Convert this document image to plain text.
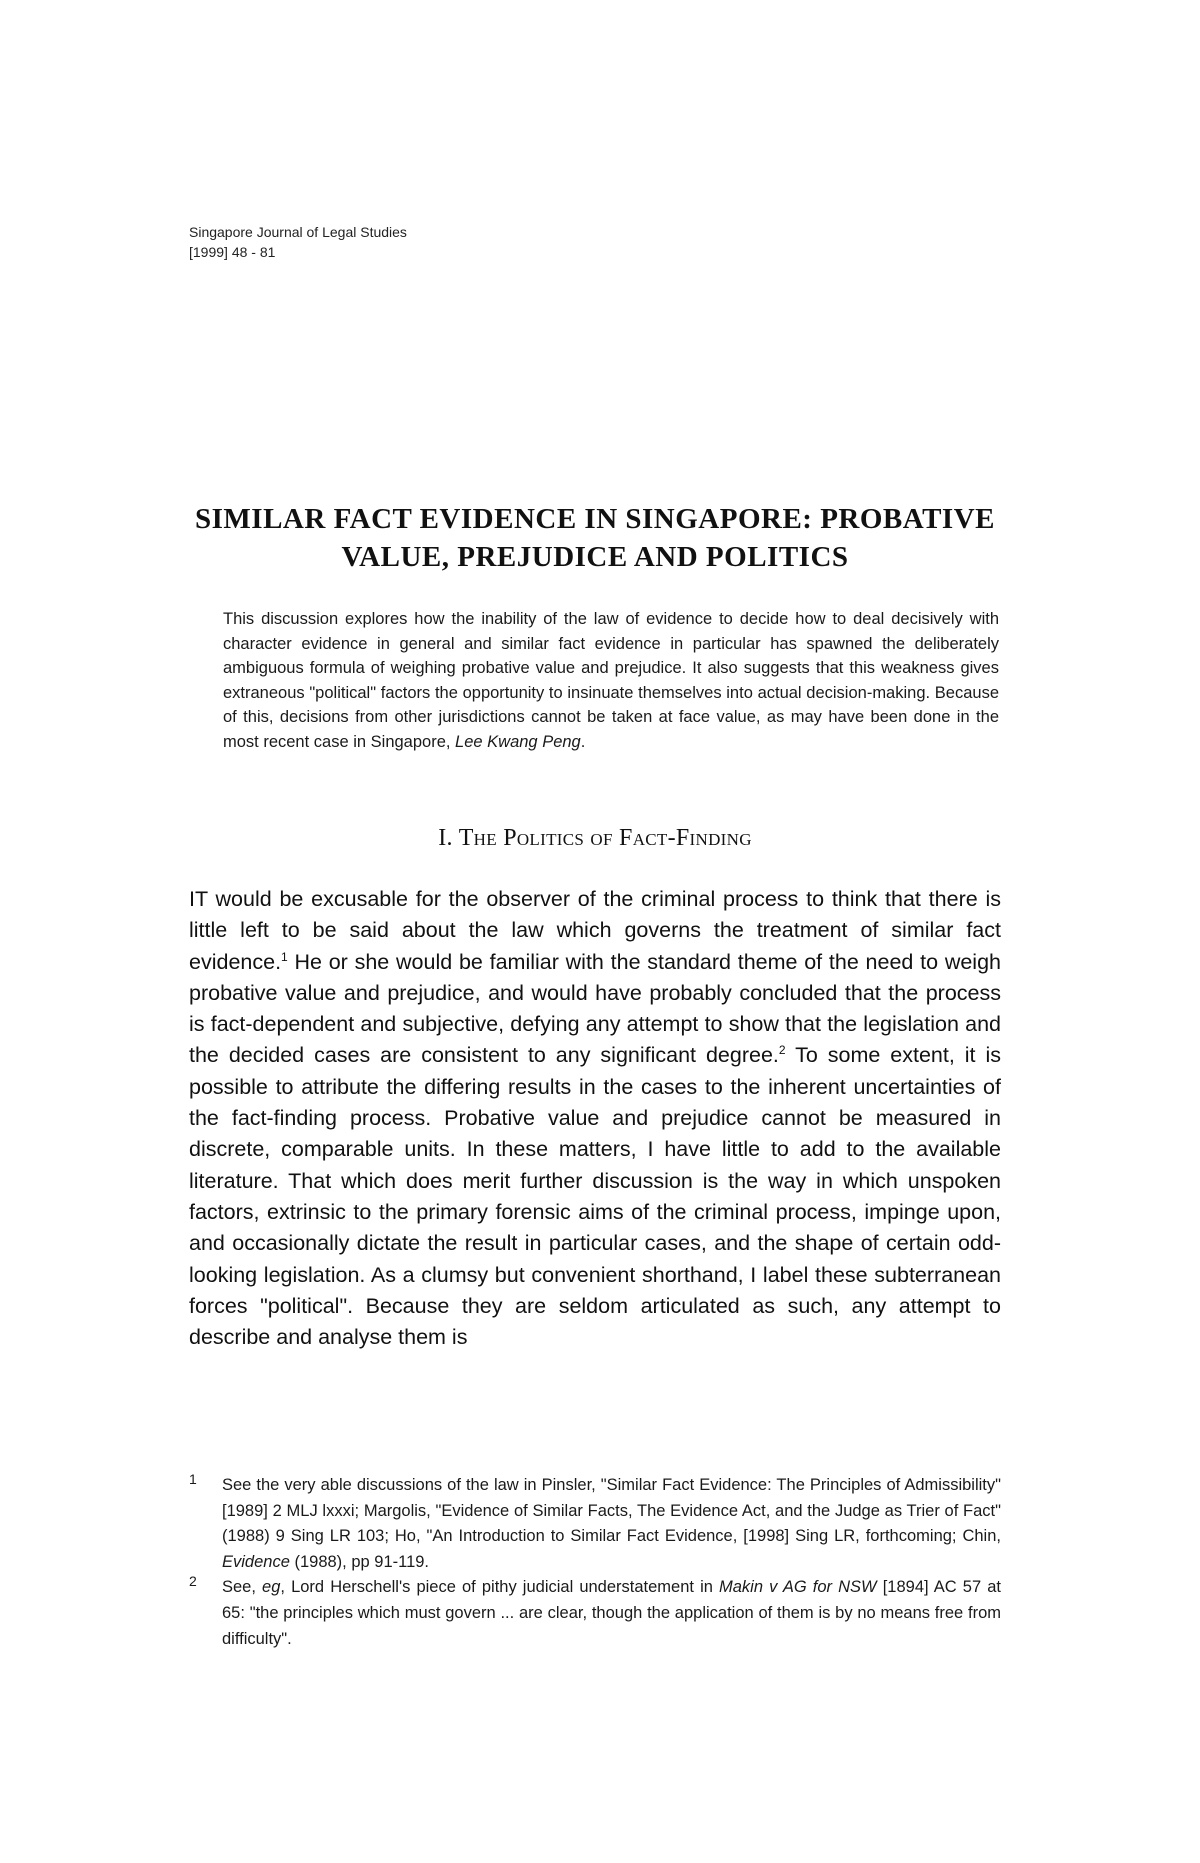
Singapore Journal of Legal Studies
[1999] 48 - 81
SIMILAR FACT EVIDENCE IN SINGAPORE: PROBATIVE
VALUE, PREJUDICE AND POLITICS
This discussion explores how the inability of the law of evidence to decide how to deal decisively with character evidence in general and similar fact evidence in particular has spawned the deliberately ambiguous formula of weighing probative value and prejudice. It also suggests that this weakness gives extraneous "political" factors the opportunity to insinuate themselves into actual decision-making. Because of this, decisions from other jurisdictions cannot be taken at face value, as may have been done in the most recent case in Singapore, Lee Kwang Peng.
I. The Politics of Fact-Finding
IT would be excusable for the observer of the criminal process to think that there is little left to be said about the law which governs the treatment of similar fact evidence.$^1$ He or she would be familiar with the standard theme of the need to weigh probative value and prejudice, and would have probably concluded that the process is fact-dependent and subjective, defying any attempt to show that the legislation and the decided cases are consistent to any significant degree.$^2$ To some extent, it is possible to attribute the differing results in the cases to the inherent uncertainties of the fact-finding process. Probative value and prejudice cannot be measured in discrete, comparable units. In these matters, I have little to add to the available literature. That which does merit further discussion is the way in which unspoken factors, extrinsic to the primary forensic aims of the criminal process, impinge upon, and occasionally dictate the result in particular cases, and the shape of certain odd-looking legislation. As a clumsy but convenient shorthand, I label these subterranean forces "political". Because they are seldom articulated as such, any attempt to describe and analyse them is
1 See the very able discussions of the law in Pinsler, "Similar Fact Evidence: The Principles of Admissibility" [1989] 2 MLJ lxxxi; Margolis, "Evidence of Similar Facts, The Evidence Act, and the Judge as Trier of Fact" (1988) 9 Sing LR 103; Ho, "An Introduction to Similar Fact Evidence, [1998] Sing LR, forthcoming; Chin, Evidence (1988), pp 91-119.
2 See, eg, Lord Herschell's piece of pithy judicial understatement in Makin v AG for NSW [1894] AC 57 at 65: "the principles which must govern ... are clear, though the application of them is by no means free from difficulty".
